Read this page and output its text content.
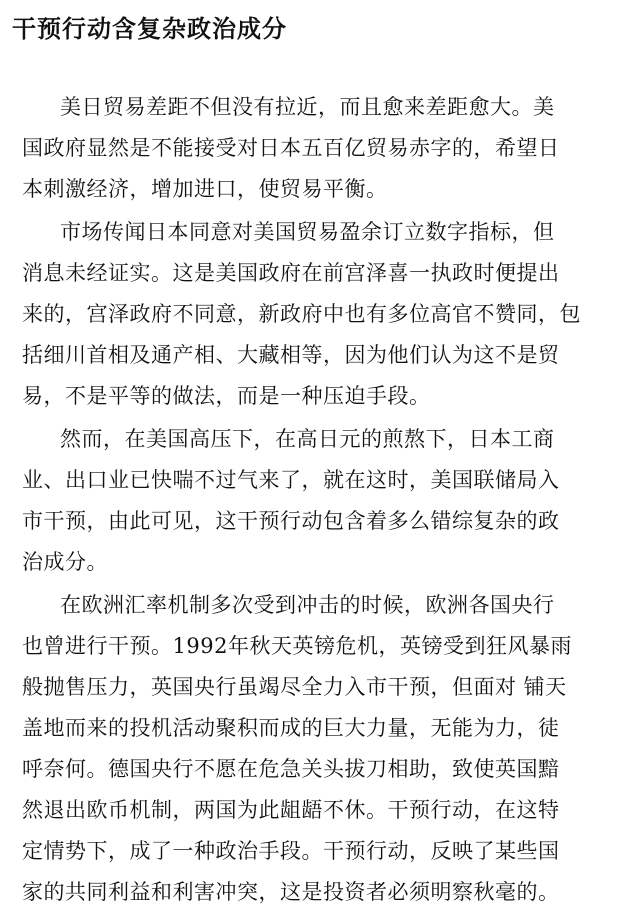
干预行动含复杂政治成分
美日贸易差距不但没有拉近，而且愈来差距愈大。美
国政府显然是不能接受对日本五百亿贸易赤字的，希望日
本刺激经济，增加进口，使贸易平衡。
市场传闻日本同意对美国贸易盈余订立数字指标，但
消息未经证实。这是美国政府在前宫泽喜一执政时便提出
来的，宫泽政府不同意，新政府中也有多位高官不赞同，包
括细川首相及通产相、大藏相等，因为他们认为这不是贸
易，不是平等的做法，而是一种压迫手段。
然而，在美国高压下，在高日元的煎熬下，日本工商
业、出口业已快喘不过气来了，就在这时，美国联储局入
市干预，由此可见，这干预行动包含着多么错综复杂的政
治成分。
在欧洲汇率机制多次受到冲击的时候，欧洲各国央行
也曾进行干预。1992年秋天英镑危机，英镑受到狂风暴雨
般抛售压力，英国央行虽竭尽全力入市干预，但面对 铺天
盖地而来的投机活动聚积而成的巨大力量，无能为力，徒
呼奈何。德国央行不愿在危急关头拔刀相助，致使英国黯
然退出欧币机制，两国为此龃龉不休。干预行动，在这特
定情势下，成了一种政治手段。干预行动，反映了某些国
家的共同利益和利害冲突，这是投资者必须明察秋毫的。
